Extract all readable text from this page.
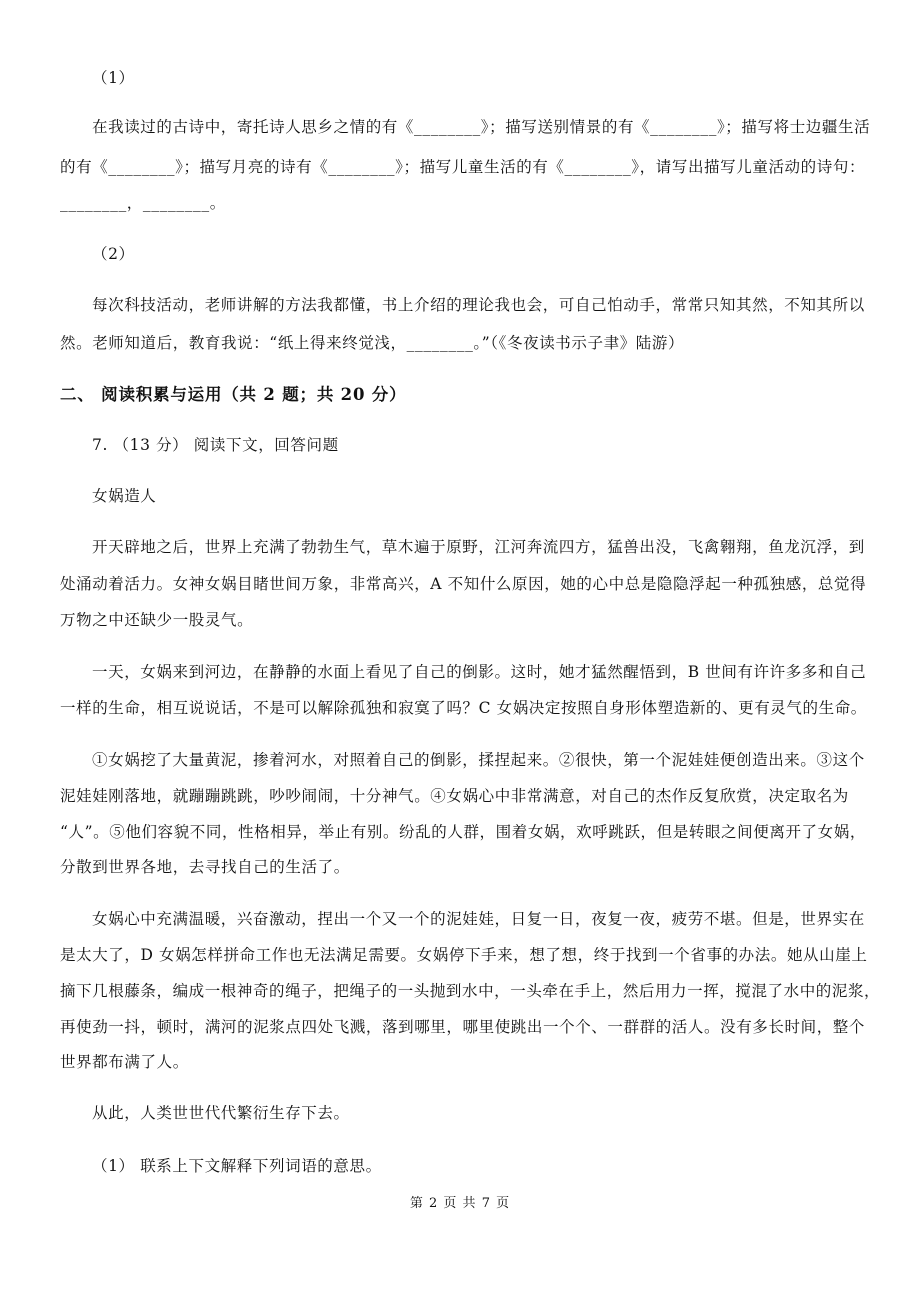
（1）
在我读过的古诗中，寄托诗人思乡之情的有《________》；描写送别情景的有《________》；描写将士边疆生活
的有《________》；描写月亮的诗有《________》；描写儿童生活的有《________》，请写出描写儿童活动的诗句：
________，________。
（2）
每次科技活动，老师讲解的方法我都懂，书上介绍的理论我也会，可自己怕动手，常常只知其然，不知其所以
然。老师知道后，教育我说：“纸上得来终觉浅，________。”（《冬夜读书示子聿》陆游）
二、 阅读积累与运用（共 2 题；共 20 分）
7. （13 分） 阅读下文，回答问题
女娲造人
开天辟地之后，世界上充满了勃勃生气，草木遍于原野，江河奔流四方，猛兽出没，飞禽翱翔，鱼龙沉浮，到
处涌动着活力。女神女娲目睹世间万象，非常高兴，A 不知什么原因，她的心中总是隐隐浮起一种孤独感，总觉得
万物之中还缺少一股灵气。
一天，女娲来到河边，在静静的水面上看见了自己的倒影。这时，她才猛然醒悟到，B 世间有许许多多和自己
一样的生命，相互说说话，不是可以解除孤独和寂寞了吗？C 女娲决定按照自身形体塑造新的、更有灵气的生命。
①女娲挖了大量黄泥，掺着河水，对照着自己的倒影，揉捏起来。②很快，第一个泥娃娃便创造出来。③这个
泥娃娃刚落地，就蹦蹦跳跳，吵吵闹闹，十分神气。④女娲心中非常满意，对自己的杰作反复欣赏，决定取名为
“人”。⑤他们容貌不同，性格相异，举止有别。纷乱的人群，围着女娲，欢呼跳跃，但是转眼之间便离开了女娲，
分散到世界各地，去寻找自己的生活了。
女娲心中充满温暖，兴奋激动，捏出一个又一个的泥娃娃，日复一日，夜复一夜，疲劳不堪。但是，世界实在
是太大了，D 女娲怎样拼命工作也无法满足需要。女娲停下手来，想了想，终于找到一个省事的办法。她从山崖上
摘下几根藤条，编成一根神奇的绳子，把绳子的一头抛到水中，一头牵在手上，然后用力一挥，搅混了水中的泥浆，
再使劲一抖，顿时，满河的泥浆点四处飞溅，落到哪里，哪里使跳出一个个、一群群的活人。没有多长时间，整个
世界都布满了人。
从此，人类世世代代繁衍生存下去。
（1） 联系上下文解释下列词语的意思。
第 2 页 共 7 页
